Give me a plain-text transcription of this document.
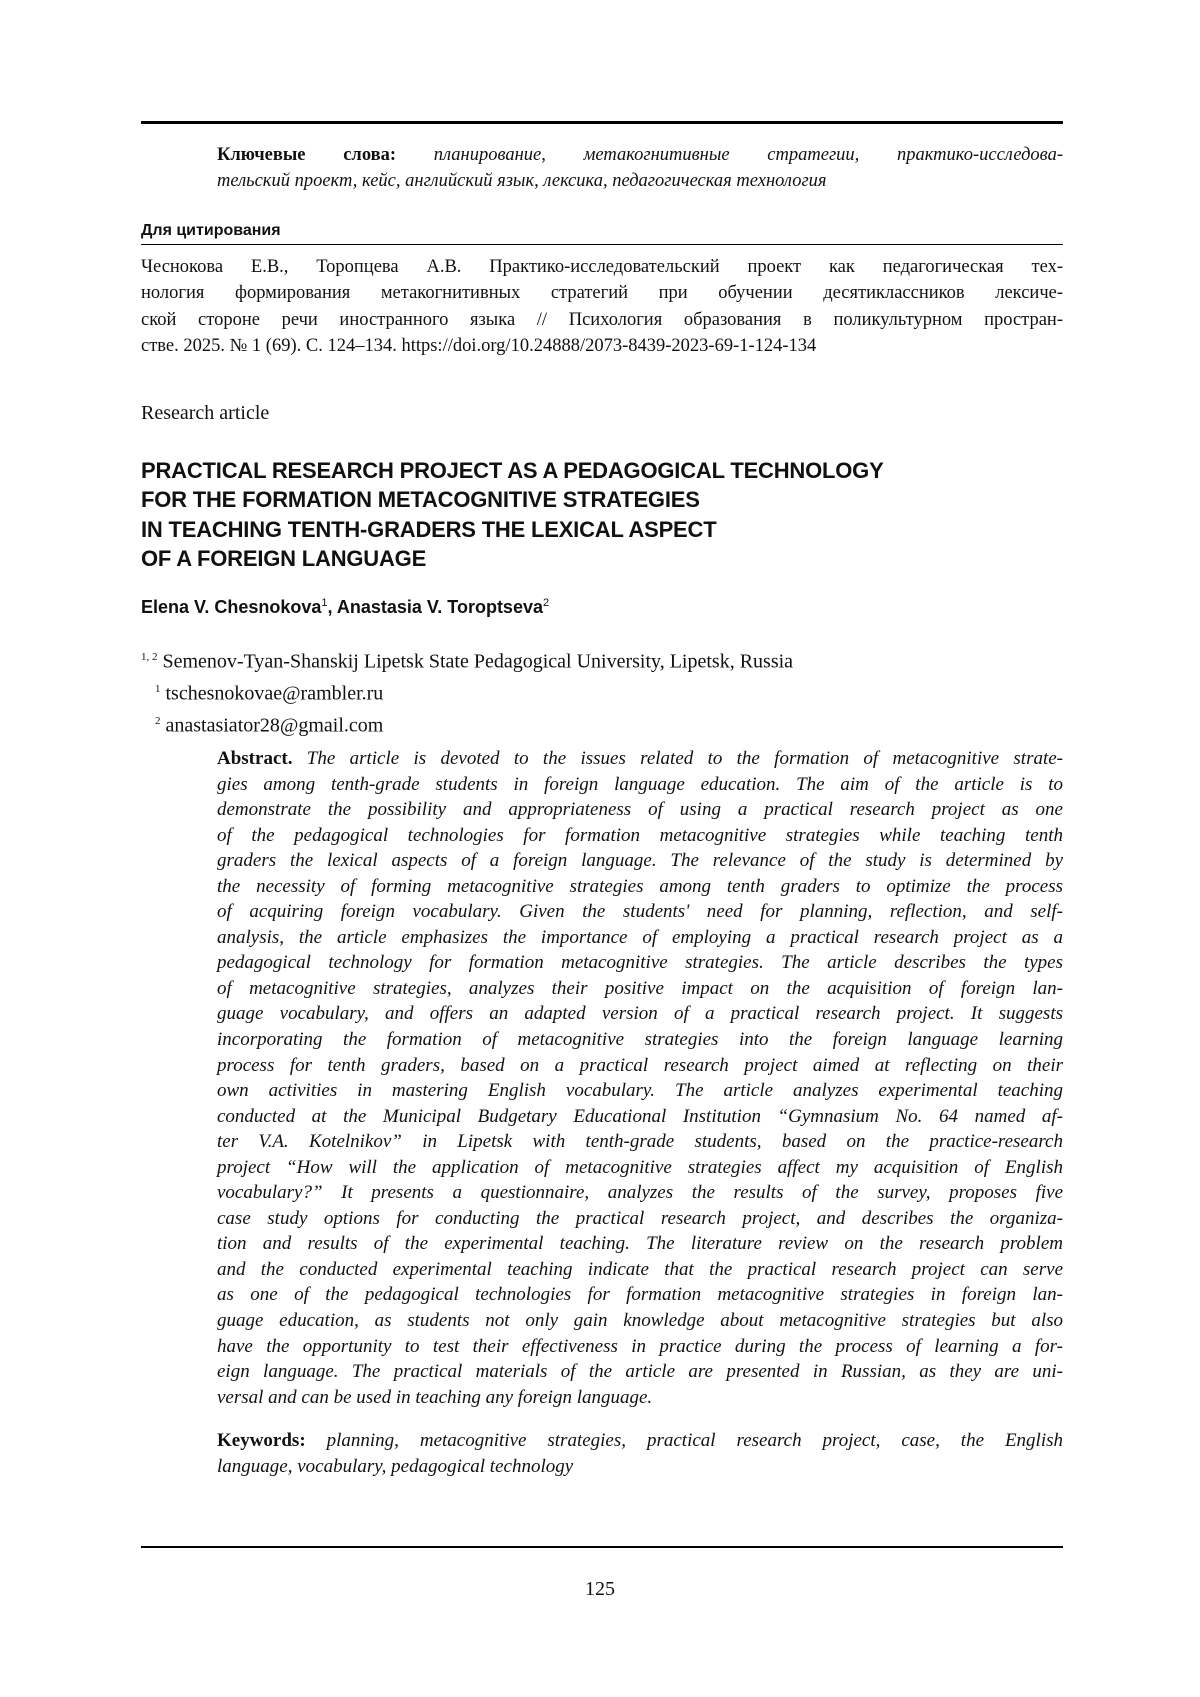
Ключевые слова: планирование, метакогнитивные стратегии, практико-исследова-
тельский проект, кейс, английский язык, лексика, педагогическая технология
Для цитирования
Чеснокова Е.В., Торопцева А.В. Практико-исследовательский проект как педагогическая тех-
нология формирования метакогнитивных стратегий при обучении десятиклассников лексиче-
ской стороне речи иностранного языка // Психология образования в поликультурном простран-
стве. 2025. № 1 (69). С. 124–134. https://doi.org/10.24888/2073-8439-2023-69-1-124-134
Research article
PRACTICAL RESEARCH PROJECT AS A PEDAGOGICAL TECHNOLOGY
FOR THE FORMATION METACOGNITIVE STRATEGIES
IN TEACHING TENTH-GRADERS THE LEXICAL ASPECT
OF A FOREIGN LANGUAGE
Elena V. Chesnokova1, Anastasia V. Toroptseva2
1, 2 Semenov-Tyan-Shanskij Lipetsk State Pedagogical University, Lipetsk, Russia
1 tschesnokovae@rambler.ru
2 anastasiator28@gmail.com
Abstract. The article is devoted to the issues related to the formation of metacognitive strate-
gies among tenth-grade students in foreign language education. The aim of the article is to
demonstrate the possibility and appropriateness of using a practical research project as one
of the pedagogical technologies for formation metacognitive strategies while teaching tenth
graders the lexical aspects of a foreign language. The relevance of the study is determined by
the necessity of forming metacognitive strategies among tenth graders to optimize the process
of acquiring foreign vocabulary. Given the students' need for planning, reflection, and self-
analysis, the article emphasizes the importance of employing a practical research project as a
pedagogical technology for formation metacognitive strategies. The article describes the types
of metacognitive strategies, analyzes their positive impact on the acquisition of foreign lan-
guage vocabulary, and offers an adapted version of a practical research project. It suggests
incorporating the formation of metacognitive strategies into the foreign language learning
process for tenth graders, based on a practical research project aimed at reflecting on their
own activities in mastering English vocabulary. The article analyzes experimental teaching
conducted at the Municipal Budgetary Educational Institution “Gymnasium No. 64 named af-
ter V.A. Kotelnikov” in Lipetsk with tenth-grade students, based on the practice-research
project “How will the application of metacognitive strategies affect my acquisition of English
vocabulary?” It presents a questionnaire, analyzes the results of the survey, proposes five
case study options for conducting the practical research project, and describes the organiza-
tion and results of the experimental teaching. The literature review on the research problem
and the conducted experimental teaching indicate that the practical research project can serve
as one of the pedagogical technologies for formation metacognitive strategies in foreign lan-
guage education, as students not only gain knowledge about metacognitive strategies but also
have the opportunity to test their effectiveness in practice during the process of learning a for-
eign language. The practical materials of the article are presented in Russian, as they are uni-
versal and can be used in teaching any foreign language.
Keywords: planning, metacognitive strategies, practical research project, case, the English
language, vocabulary, pedagogical technology
125
